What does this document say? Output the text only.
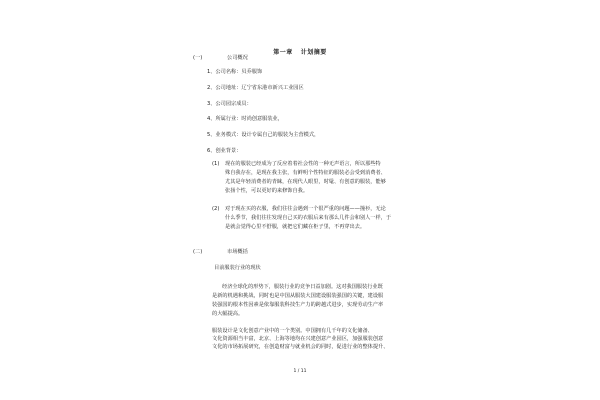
第一章 计划摘要
(一)	公司概况
1、公司名称：贝乔服饰
2、公司地址：辽宁省东港市新兴工业园区
3、公司园宗成员：
4、所属行业：时尚创意服装业，
5、业务模式：设计专属自己的服装为主营模式，
6、创业背景：
(1) 现在的服装已经成为了反应着着社会性的一种无声语言，所以那些特
殊自我存在，是现在我主张，有鲜明个性特征的服装必会受到消费者、
尤其是年轻消费者的青睐，在现代人眼里，时髦、有创意的服装，能够
张扬个性，可以更好的来修饰自我。
(2) 对于现在买的衣服，我们往往会遇到一个很严重的问题——撞衫，无论
什么季节，我们往往发现自己买的衣服后来有那么几件会和别人一样，于
是就会觉得心里不舒服，就把它们藏在柜子里，不再穿出去。
(二)	市场概括
目前服装行业的现状
经济全球化的形势下，服装行业的竞争日益加剧。这对我国服装行业既
是新的机遇和挑战，同时也是中国从服装大国建设服装强国的关键，建设服
装强国的根本性因素是依靠服装科技生产力的跨越式进步，实现劳动生产率
的大幅提高。
服装设计是文化创意产业中的一个类别。中国拥有几千年的文化储备、
文化资源相当丰富，北京、上海等地均在兴建创意产业园区，加强服装创意
文化的市场拓展研究，在创造财富与就业机会的同时，促进行业的整体提升、
1 / 11
